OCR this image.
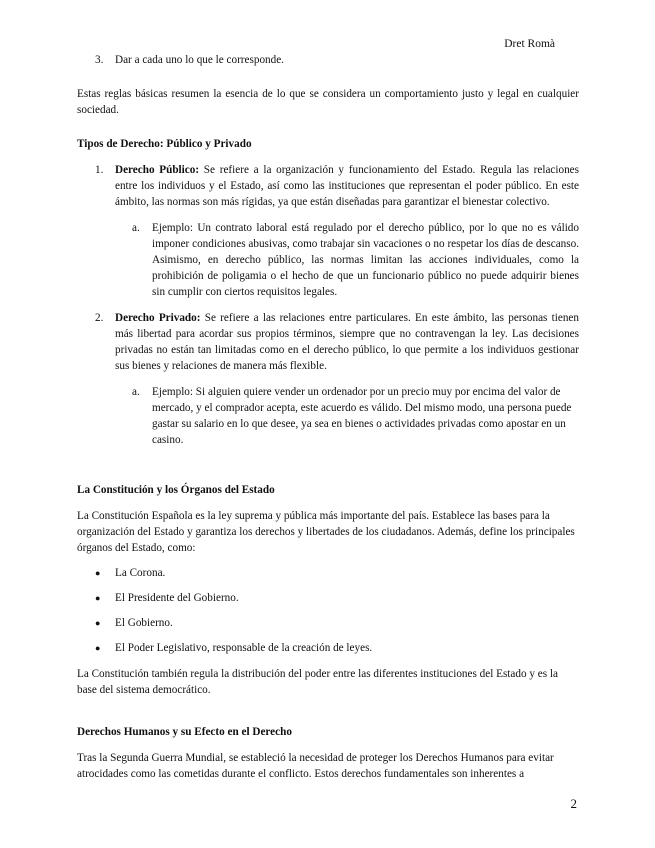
Dret Romà
3.	Dar a cada uno lo que le corresponde.

Estas reglas básicas resumen la esencia de lo que se considera un comportamiento justo y legal en cualquier sociedad.

Tipos de Derecho: Público y Privado

1.	Derecho Público: Se refiere a la organización y funcionamiento del Estado. Regula las relaciones entre los individuos y el Estado, así como las instituciones que representan el poder público. En este ámbito, las normas son más rígidas, ya que están diseñadas para garantizar el bienestar colectivo.
a.	Ejemplo: Un contrato laboral está regulado por el derecho público, por lo que no es válido imponer condiciones abusivas, como trabajar sin vacaciones o no respetar los días de descanso. Asimismo, en derecho público, las normas limitan las acciones individuales, como la prohibición de poligamia o el hecho de que un funcionario público no puede adquirir bienes sin cumplir con ciertos requisitos legales.
2.	Derecho Privado: Se refiere a las relaciones entre particulares. En este ámbito, las personas tienen más libertad para acordar sus propios términos, siempre que no contravengan la ley. Las decisiones privadas no están tan limitadas como en el derecho público, lo que permite a los individuos gestionar sus bienes y relaciones de manera más flexible.
a.	Ejemplo: Si alguien quiere vender un ordenador por un precio muy por encima del valor de mercado, y el comprador acepta, este acuerdo es válido. Del mismo modo, una persona puede gastar su salario en lo que desee, ya sea en bienes o actividades privadas como apostar en un casino.

La Constitución y los Órganos del Estado

La Constitución Española es la ley suprema y pública más importante del país. Establece las bases para la organización del Estado y garantiza los derechos y libertades de los ciudadanos. Además, define los principales órganos del Estado, como:

●	La Corona.
●	El Presidente del Gobierno.
●	El Gobierno.
●	El Poder Legislativo, responsable de la creación de leyes.

La Constitución también regula la distribución del poder entre las diferentes instituciones del Estado y es la base del sistema democrático.

Derechos Humanos y su Efecto en el Derecho

Tras la Segunda Guerra Mundial, se estableció la necesidad de proteger los Derechos Humanos para evitar atrocidades como las cometidas durante el conflicto. Estos derechos fundamentales son inherentes a

2
